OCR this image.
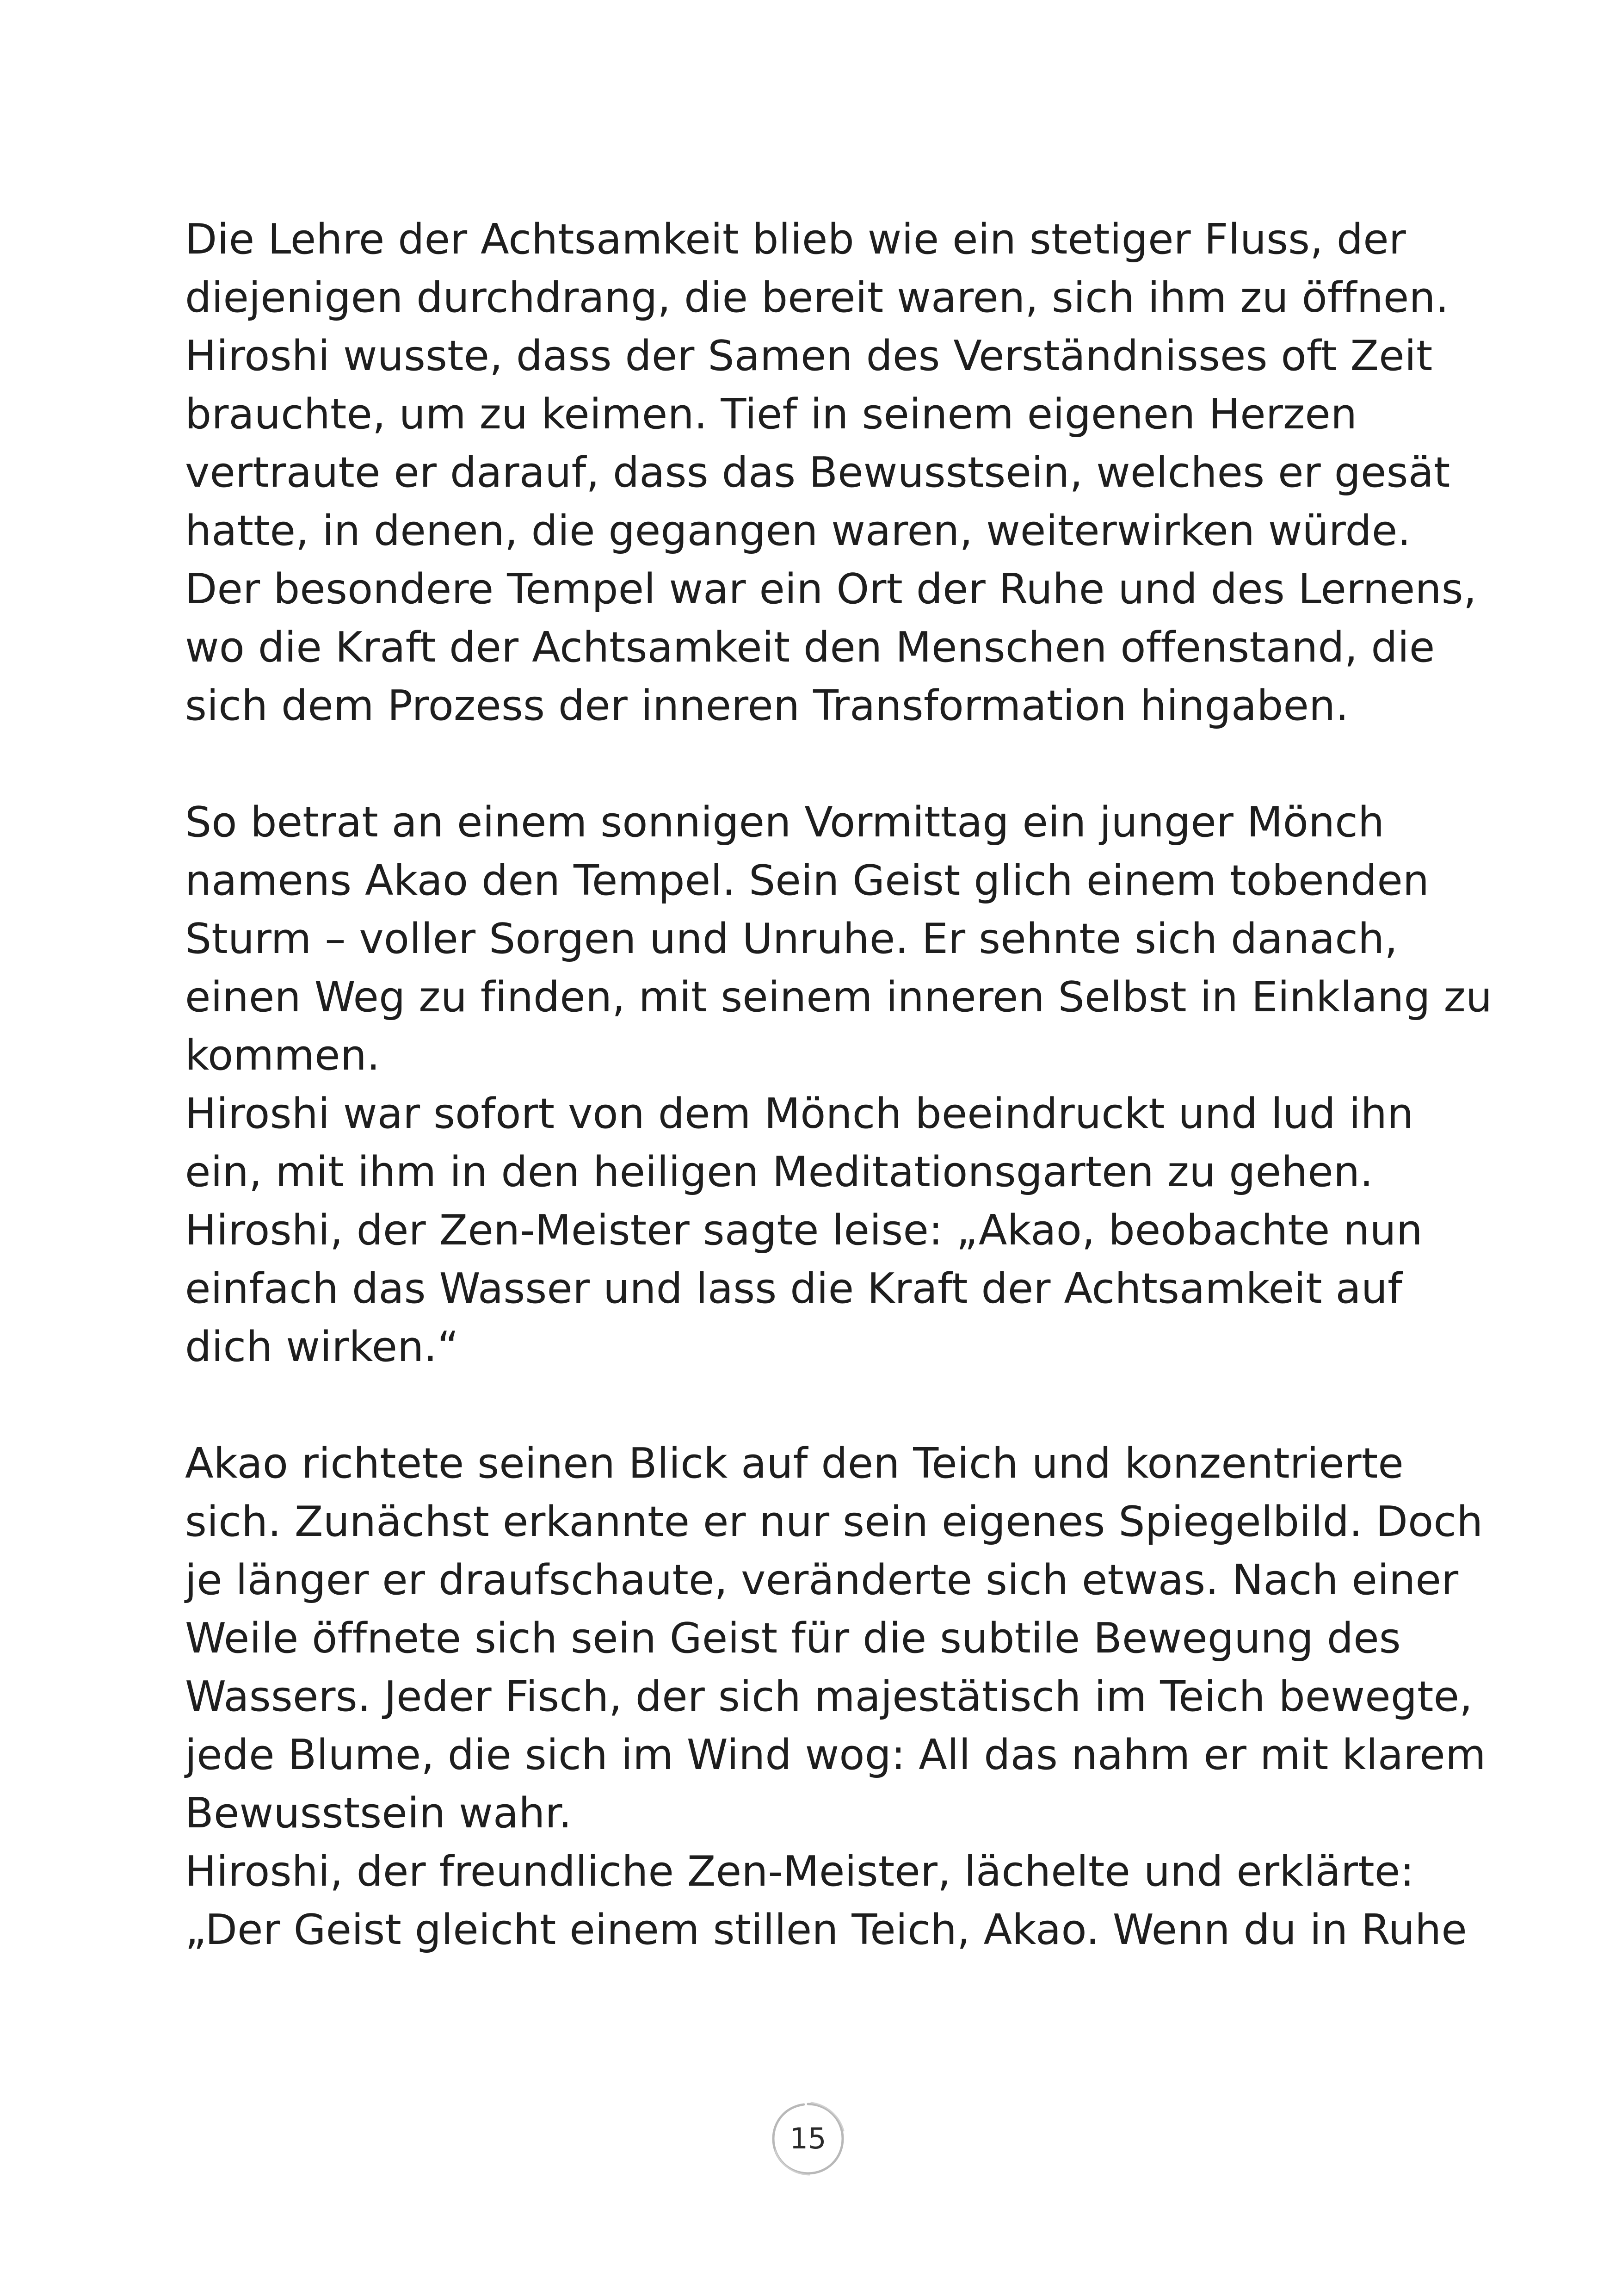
Die Lehre der Achtsamkeit blieb wie ein stetiger Fluss, der
diejenigen durchdrang, die bereit waren, sich ihm zu öffnen.
Hiroshi wusste, dass der Samen des Verständnisses oft Zeit
brauchte, um zu keimen. Tief in seinem eigenen Herzen
vertraute er darauf, dass das Bewusstsein, welches er gesät
hatte, in denen, die gegangen waren, weiterwirken würde.
Der besondere Tempel war ein Ort der Ruhe und des Lernens,
wo die Kraft der Achtsamkeit den Menschen offenstand, die
sich dem Prozess der inneren Transformation hingaben.
So betrat an einem sonnigen Vormittag ein junger Mönch
namens Akao den Tempel. Sein Geist glich einem tobenden
Sturm – voller Sorgen und Unruhe. Er sehnte sich danach,
einen Weg zu finden, mit seinem inneren Selbst in Einklang zu
kommen.
Hiroshi war sofort von dem Mönch beeindruckt und lud ihn
ein, mit ihm in den heiligen Meditationsgarten zu gehen.
Hiroshi, der Zen-Meister sagte leise: „Akao, beobachte nun
einfach das Wasser und lass die Kraft der Achtsamkeit auf
dich wirken.“
Akao richtete seinen Blick auf den Teich und konzentrierte
sich. Zunächst erkannte er nur sein eigenes Spiegelbild. Doch
je länger er draufschaute, veränderte sich etwas. Nach einer
Weile öffnete sich sein Geist für die subtile Bewegung des
Wassers. Jeder Fisch, der sich majestätisch im Teich bewegte,
jede Blume, die sich im Wind wog: All das nahm er mit klarem
Bewusstsein wahr.
Hiroshi, der freundliche Zen-Meister, lächelte und erklärte:
„Der Geist gleicht einem stillen Teich, Akao. Wenn du in Ruhe
15
